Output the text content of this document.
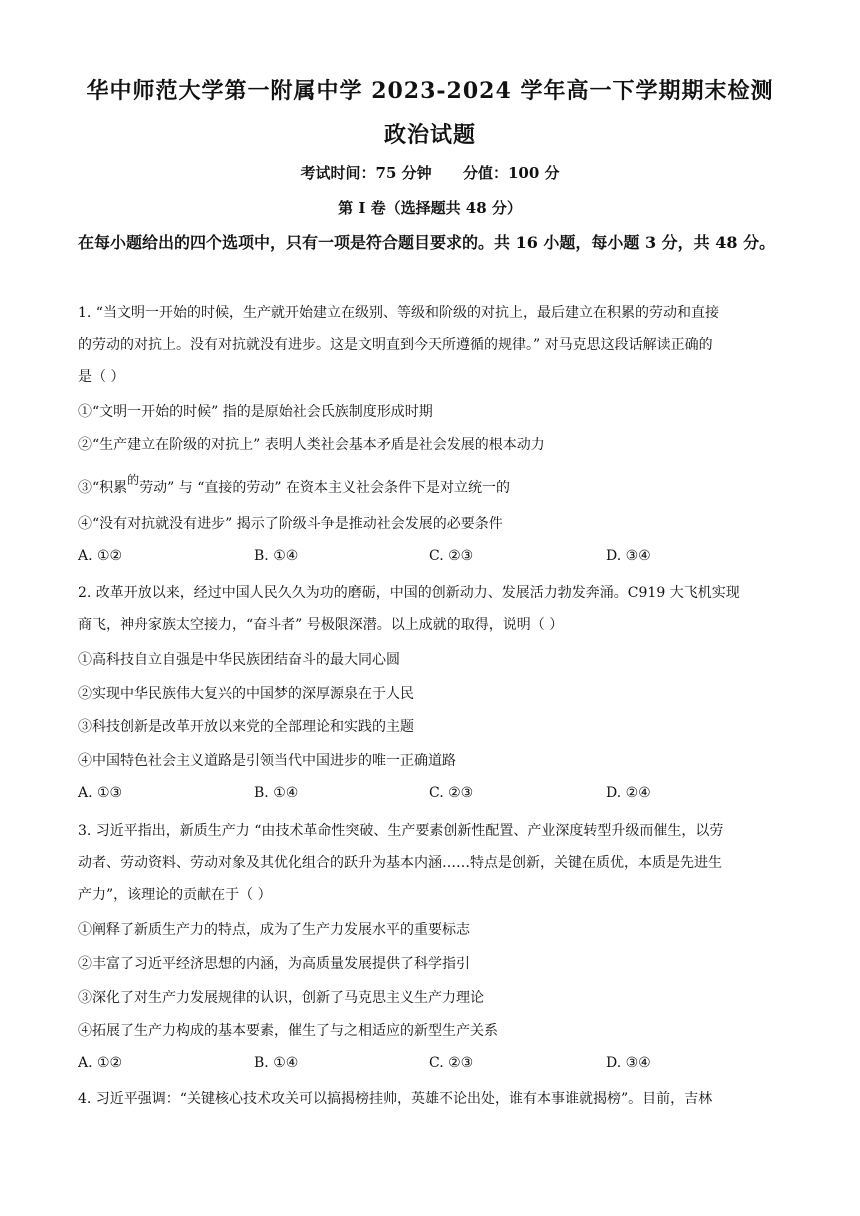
华中师范大学第一附属中学 2023-2024 学年高一下学期期末检测
政治试题
考试时间：75 分钟      分值：100 分
第 I 卷（选择题共 48 分）
在每小题给出的四个选项中，只有一项是符合题目要求的。共 16 小题，每小题 3 分，共 48 分。
1. “当文明一开始的时候，生产就开始建立在级别、等级和阶级的对抗上，最后建立在积累的劳动和直接
的劳动的对抗上。没有对抗就没有进步。这是文明直到今天所遵循的规律。” 对马克思这段话解读正确的
是（ ）
①“文明一开始的时候” 指的是原始社会氏族制度形成时期
②“生产建立在阶级的对抗上” 表明人类社会基本矛盾是社会发展的根本动力
③“积累的劳动” 与 “直接的劳动” 在资本主义社会条件下是对立统一的
④“没有对抗就没有进步” 揭示了阶级斗争是推动社会发展的必要条件
A. ①②	B. ①④	C. ②③	D. ③④
2. 改革开放以来，经过中国人民久久为功的磨砺，中国的创新动力、发展活力勃发奔涌。C919 大飞机实现
商飞，神舟家族太空接力，“奋斗者” 号极限深潜。以上成就的取得，说明（ ）
①高科技自立自强是中华民族团结奋斗的最大同心圆
②实现中华民族伟大复兴的中国梦的深厚源泉在于人民
③科技创新是改革开放以来党的全部理论和实践的主题
④中国特色社会主义道路是引领当代中国进步的唯一正确道路
A. ①③	B. ①④	C. ②③	D. ②④
3. 习近平指出，新质生产力 “由技术革命性突破、生产要素创新性配置、产业深度转型升级而催生，以劳
动者、劳动资料、劳动对象及其优化组合的跃升为基本内涵……特点是创新，关键在质优，本质是先进生
产力”，该理论的贡献在于（ ）
①阐释了新质生产力的特点，成为了生产力发展水平的重要标志
②丰富了习近平经济思想的内涵，为高质量发展提供了科学指引
③深化了对生产力发展规律的认识，创新了马克思主义生产力理论
④拓展了生产力构成的基本要素，催生了与之相适应的新型生产关系
A. ①②	B. ①④	C. ②③	D. ③④
4. 习近平强调：“关键核心技术攻关可以搞揭榜挂帅，英雄不论出处，谁有本事谁就揭榜”。目前，吉林
